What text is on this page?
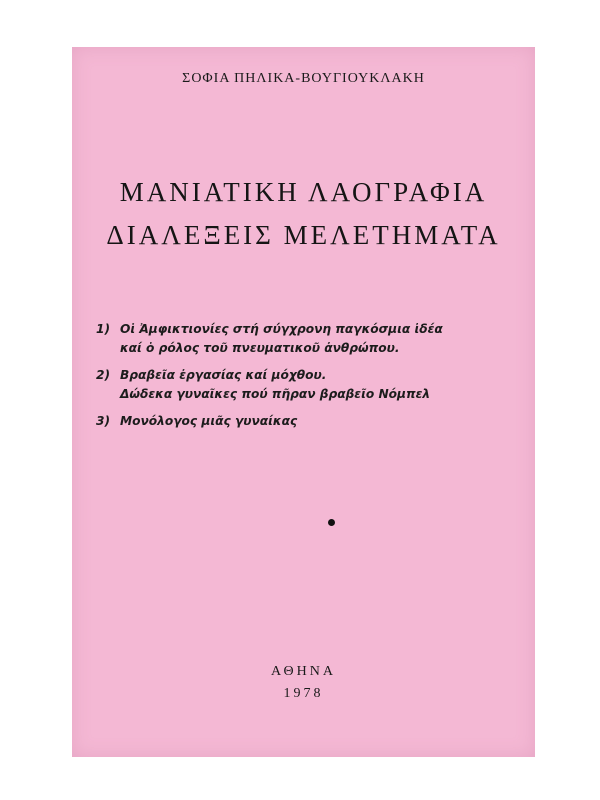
ΣΟΦΙΑ ΠΗΛΙΚΑ-ΒΟΥΓΙΟΥΚΛΑΚΗ
ΜΑΝΙΑΤΙΚΗ ΛΑΟΓΡΑΦΙΑ
ΔΙΑΛΕΞΕΙΣ ΜΕΛΕΤΗΜΑΤΑ
1) Οἱ Ἀμφικτιονίες στή σύγχρονη παγκόσμια ἰδέα
καί ὁ ρόλος τοῦ πνευματικοῦ ἀνθρώπου.
2) Βραβεῖα ἐργασίας καί μόχθου.
Δώδεκα γυναῖκες πού πῆραν βραβεῖο Νόμπελ
3) Μονόλογος μιᾶς γυναίκας
ΑΘΗΝΑ
1978
